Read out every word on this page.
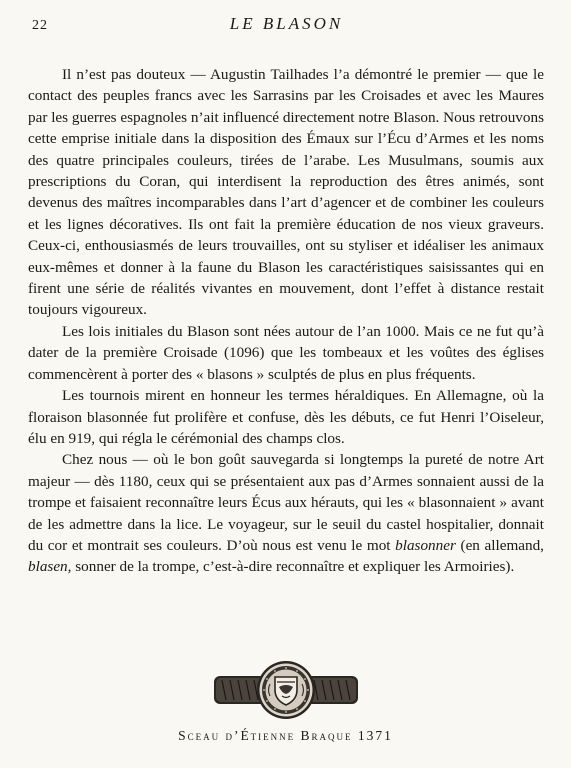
22	LE BLASON

Il n’est pas douteux — Augustin Tailhades l’a démontré le premier — que le contact des peuples francs avec les Sarrasins par les Croisades et avec les Maures par les guerres espagnoles n’ait influencé directement notre Blason. Nous retrouvons cette emprise initiale dans la disposition des Émaux sur l’Écu d’Armes et les noms des quatre principales couleurs, tirées de l’arabe. Les Musulmans, soumis aux prescriptions du Coran, qui interdisent la reproduction des êtres animés, sont devenus des maîtres incomparables dans l’art d’agencer et de combiner les couleurs et les lignes décoratives. Ils ont fait la première éducation de nos vieux graveurs. Ceux-ci, enthousiasmés de leurs trouvailles, ont su styliser et idéaliser les animaux eux-mêmes et donner à la faune du Blason les caractéristiques saisissantes qui en firent une série de réalités vivantes en mouvement, dont l’effet à distance restait toujours vigoureux.

Les lois initiales du Blason sont nées autour de l’an 1000. Mais ce ne fut qu’à dater de la première Croisade (1096) que les tombeaux et les voûtes des églises commencèrent à porter des « blasons » sculptés de plus en plus fréquents.

Les tournois mirent en honneur les termes héraldiques. En Allemagne, où la floraison blasonnée fut prolifère et confuse, dès les débuts, ce fut Henri l’Oiseleur, élu en 919, qui régla le cérémonial des champs clos.

Chez nous — où le bon goût sauvegarda si longtemps la pureté de notre Art majeur — dès 1180, ceux qui se présentaient aux pas d’Armes sonnaient aussi de la trompe et faisaient reconnaître leurs Écus aux hérauts, qui les « blasonnaient » avant de les admettre dans la lice. Le voyageur, sur le seuil du castel hospitalier, donnait du cor et montrait ses couleurs. D’où nous est venu le mot blasonner (en allemand, blasen, sonner de la trompe, c’est-à-dire reconnaître et expliquer les Armoiries).

Sceau d’Étienne Braque 1371
